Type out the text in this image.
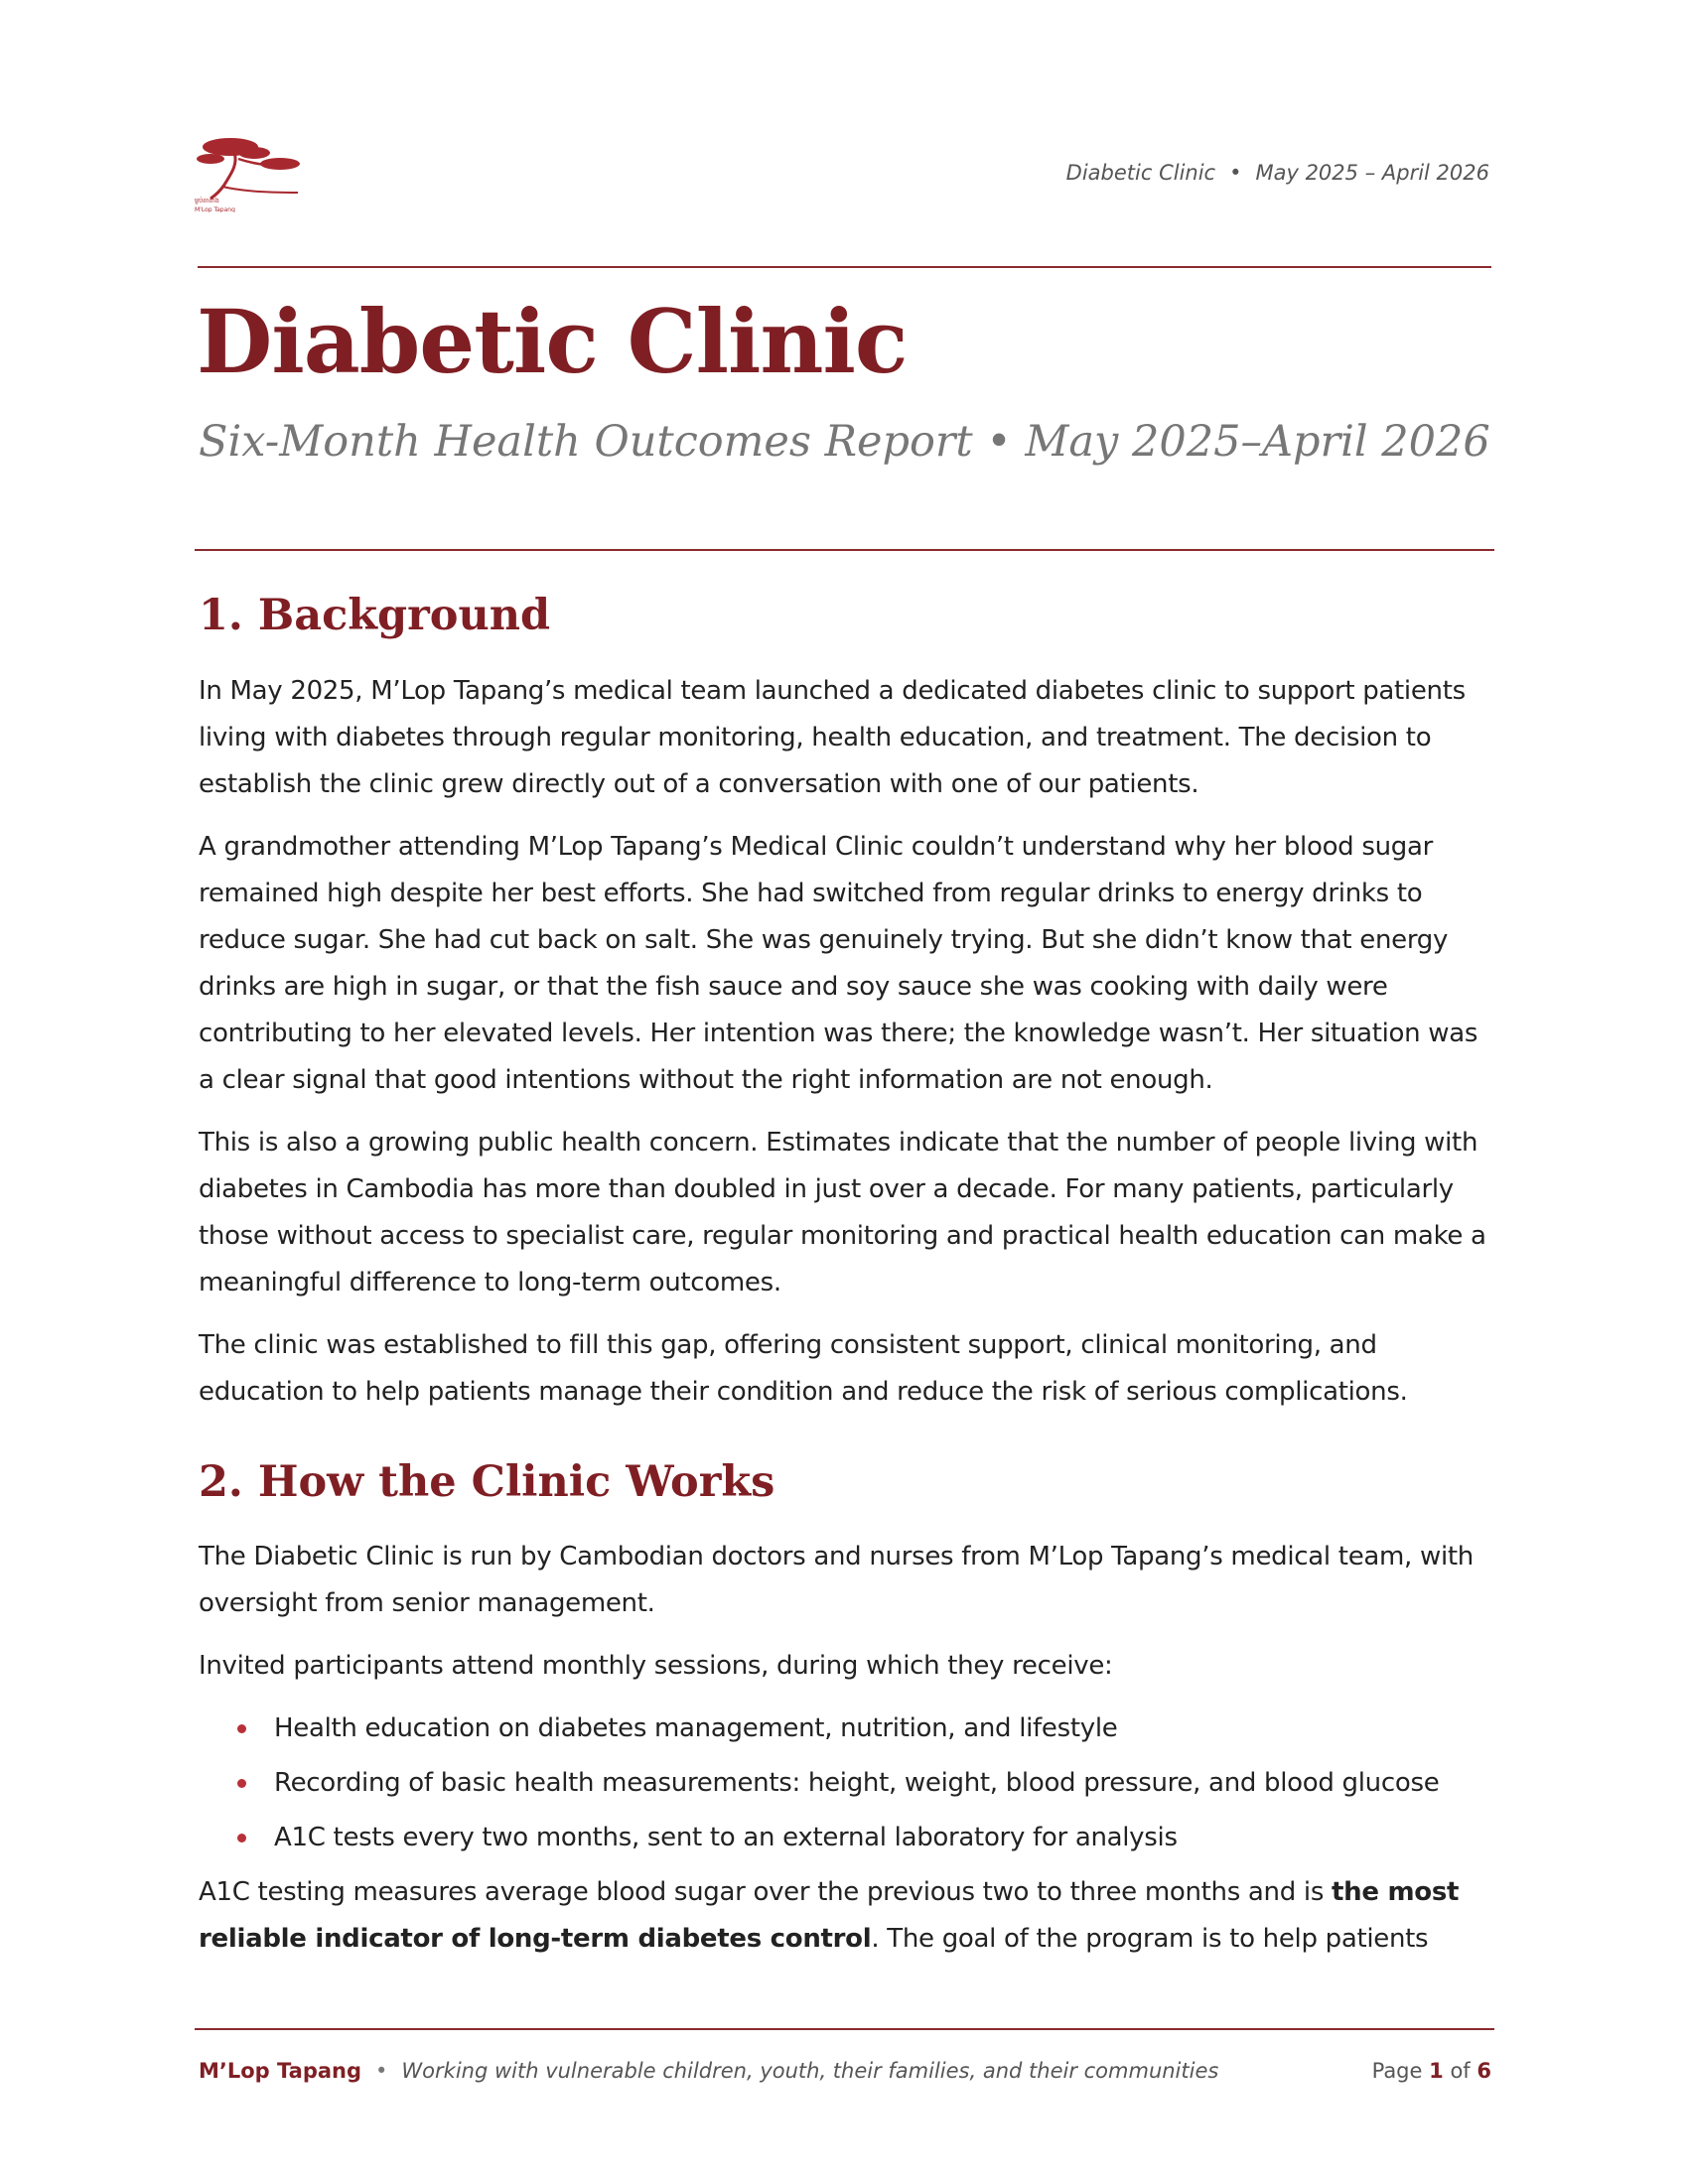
ម្លប់តាពាង
M'Lop Tapang
Diabetic Clinic • May 2025 – April 2026
Diabetic Clinic

Six-Month Health Outcomes Report • May 2025–April 2026

1. Background

In May 2025, M’Lop Tapang’s medical team launched a dedicated diabetes clinic to support patients living with diabetes through regular monitoring, health education, and treatment. The decision to establish the clinic grew directly out of a conversation with one of our patients.

A grandmother attending M’Lop Tapang’s Medical Clinic couldn’t understand why her blood sugar remained high despite her best efforts. She had switched from regular drinks to energy drinks to reduce sugar. She had cut back on salt. She was genuinely trying. But she didn’t know that energy drinks are high in sugar, or that the fish sauce and soy sauce she was cooking with daily were contributing to her elevated levels. Her intention was there; the knowledge wasn’t. Her situation was a clear signal that good intentions without the right information are not enough.

This is also a growing public health concern. Estimates indicate that the number of people living with diabetes in Cambodia has more than doubled in just over a decade. For many patients, particularly those without access to specialist care, regular monitoring and practical health education can make a meaningful difference to long-term outcomes.

The clinic was established to fill this gap, offering consistent support, clinical monitoring, and education to help patients manage their condition and reduce the risk of serious complications.

2. How the Clinic Works

The Diabetic Clinic is run by Cambodian doctors and nurses from M’Lop Tapang’s medical team, with oversight from senior management.

Invited participants attend monthly sessions, during which they receive:

Health education on diabetes management, nutrition, and lifestyle
Recording of basic health measurements: height, weight, blood pressure, and blood glucose
A1C tests every two months, sent to an external laboratory for analysis

A1C testing measures average blood sugar over the previous two to three months and is the most reliable indicator of long-term diabetes control. The goal of the program is to help patients

M’Lop Tapang • Working with vulnerable children, youth, their families, and their communities	Page 1 of 6
